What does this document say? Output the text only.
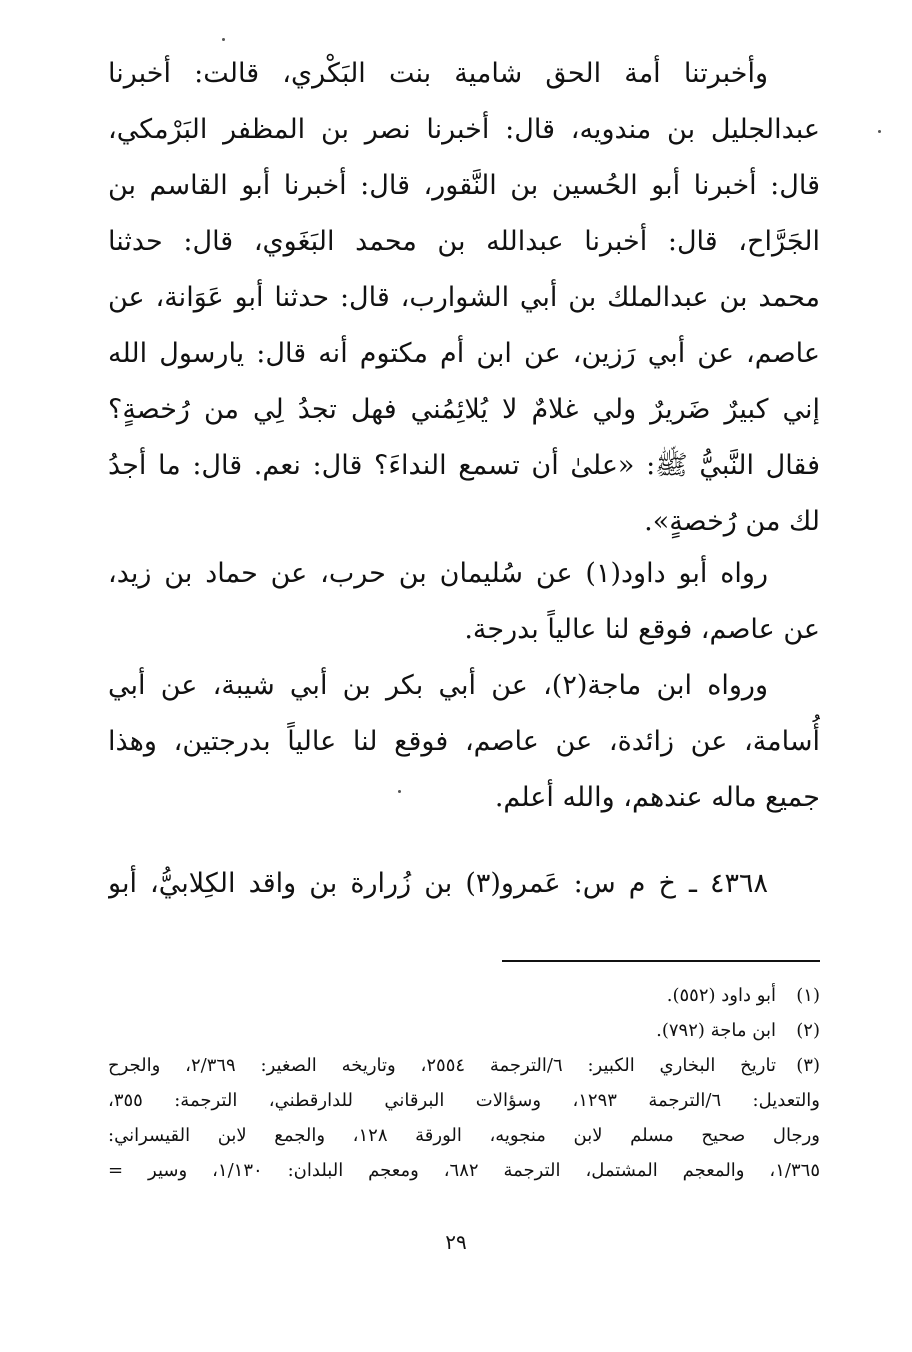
وأخبرتنا أمة الحق شامية بنت البَكْري، قالت: أخبرنا
عبدالجليل بن مندويه، قال: أخبرنا نصر بن المظفر البَرْمكي،
قال: أخبرنا أبو الحُسين بن النَّقور، قال: أخبرنا أبو القاسم بن
الجَرَّاح، قال: أخبرنا عبدالله بن محمد البَغَوي، قال: حدثنا
محمد بن عبدالملك بن أبي الشوارب، قال: حدثنا أبو عَوَانة، عن
عاصم، عن أبي رَزين، عن ابن أم مكتوم أنه قال: يارسول الله
إني كبيرٌ ضَريرٌ ولي غلامٌ لا يُلائِمُني فهل تجدُ لِي من رُخصةٍ؟
فقال النَّبيُّ ﷺ: «علىٰ أن تسمع النداءَ؟ قال: نعم. قال: ما أجدُ
لك من رُخصةٍ».
رواه أبو داود(١) عن سُليمان بن حرب، عن حماد بن زيد،
عن عاصم، فوقع لنا عالياً بدرجة.
ورواه ابن ماجة(٢)، عن أبي بكر بن أبي شيبة، عن أبي
أُسامة، عن زائدة، عن عاصم، فوقع لنا عالياً بدرجتين، وهذا
جميع ماله عندهم، والله أعلم.
٤٣٦٨ ـ خ م س: عَمرو(٣) بن زُرارة بن واقد الكِلابيُّ، أبو
(١)
أبو داود (٥٥٢).
(٢)
ابن ماجة (٧٩٢).
(٣)
تاريخ البخاري الكبير: ٦/الترجمة ٢٥٥٤، وتاريخه الصغير: ٢/٣٦٩، والجرح
والتعديل: ٦/الترجمة ١٢٩٣، وسؤالات البرقاني للدارقطني، الترجمة: ٣٥٥،
ورجال صحيح مسلم لابن منجويه، الورقة ١٢٨، والجمع لابن القيسراني:
١/٣٦٥، والمعجم المشتمل، الترجمة ٦٨٢، ومعجم البلدان: ١/١٣٠، وسير =
٢٩
